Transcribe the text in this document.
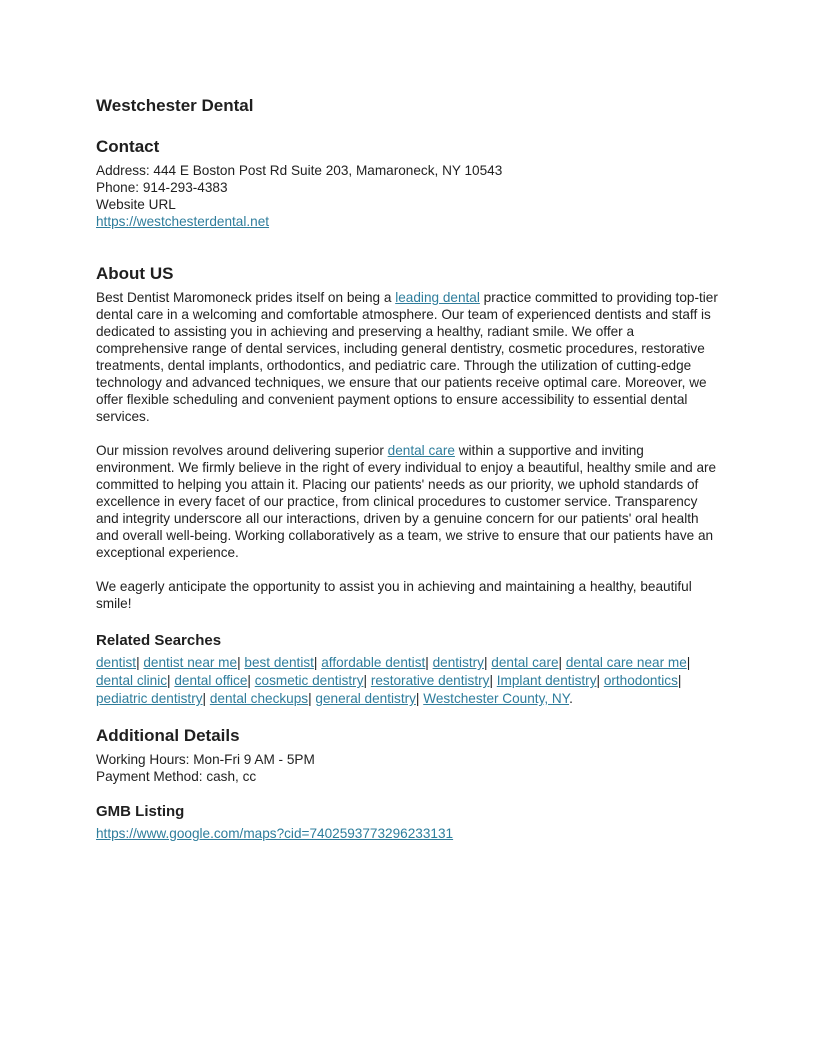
Westchester Dental
Contact

Address: 444 E Boston Post Rd Suite 203, Mamaroneck, NY 10543

Phone: 914-293-4383

Website URL

https://westchesterdental.net

About US

Best Dentist Maromoneck prides itself on being a leading dental practice committed to providing top-tier dental care in a welcoming and comfortable atmosphere. Our team of experienced dentists and staff is dedicated to assisting you in achieving and preserving a healthy, radiant smile. We offer a comprehensive range of dental services, including general dentistry, cosmetic procedures, restorative treatments, dental implants, orthodontics, and pediatric care. Through the utilization of cutting-edge technology and advanced techniques, we ensure that our patients receive optimal care. Moreover, we offer flexible scheduling and convenient payment options to ensure accessibility to essential dental services.

Our mission revolves around delivering superior dental care within a supportive and inviting environment. We firmly believe in the right of every individual to enjoy a beautiful, healthy smile and are committed to helping you attain it. Placing our patients' needs as our priority, we uphold standards of excellence in every facet of our practice, from clinical procedures to customer service. Transparency and integrity underscore all our interactions, driven by a genuine concern for our patients' oral health and overall well-being. Working collaboratively as a team, we strive to ensure that our patients have an exceptional experience.

We eagerly anticipate the opportunity to assist you in achieving and maintaining a healthy, beautiful smile!

Related Searches

dentist| dentist near me| best dentist| affordable dentist| dentistry| dental care| dental care near me| dental clinic| dental office| cosmetic dentistry| restorative dentistry| Implant dentistry| orthodontics| pediatric dentistry| dental checkups| general dentistry| Westchester County, NY.

Additional Details

Working Hours: Mon-Fri 9 AM - 5PM

Payment Method: cash, cc

GMB Listing

https://www.google.com/maps?cid=7402593773296233131
